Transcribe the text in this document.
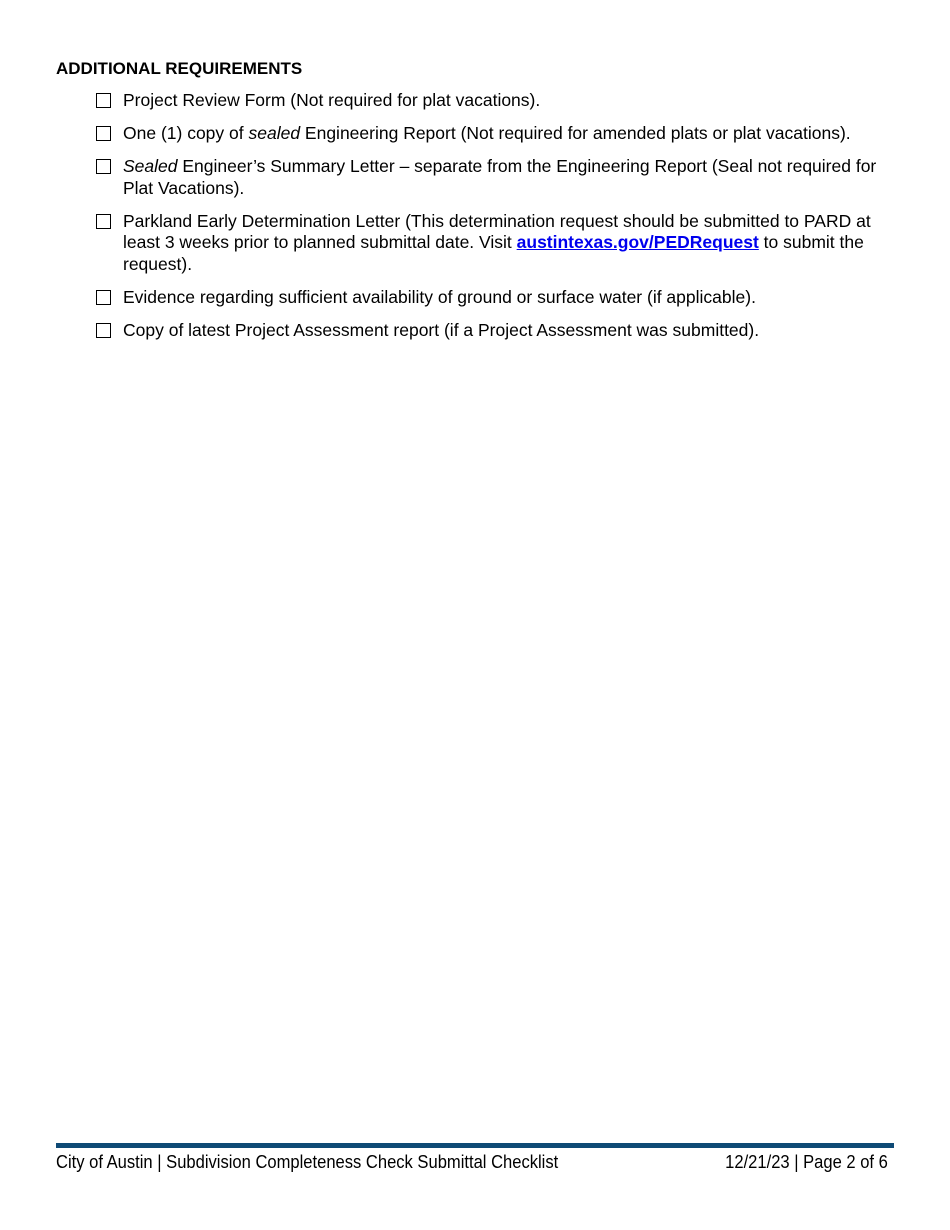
ADDITIONAL REQUIREMENTS
Project Review Form (Not required for plat vacations).
One (1) copy of sealed Engineering Report (Not required for amended plats or plat vacations).
Sealed Engineer’s Summary Letter – separate from the Engineering Report (Seal not required for Plat Vacations).
Parkland Early Determination Letter (This determination request should be submitted to PARD at least 3 weeks prior to planned submittal date. Visit austintexas.gov/PEDRequest to submit the request).
Evidence regarding sufficient availability of ground or surface water (if applicable).
Copy of latest Project Assessment report (if a Project Assessment was submitted).
City of Austin | Subdivision Completeness Check Submittal Checklist	12/21/23 | Page 2 of 6
